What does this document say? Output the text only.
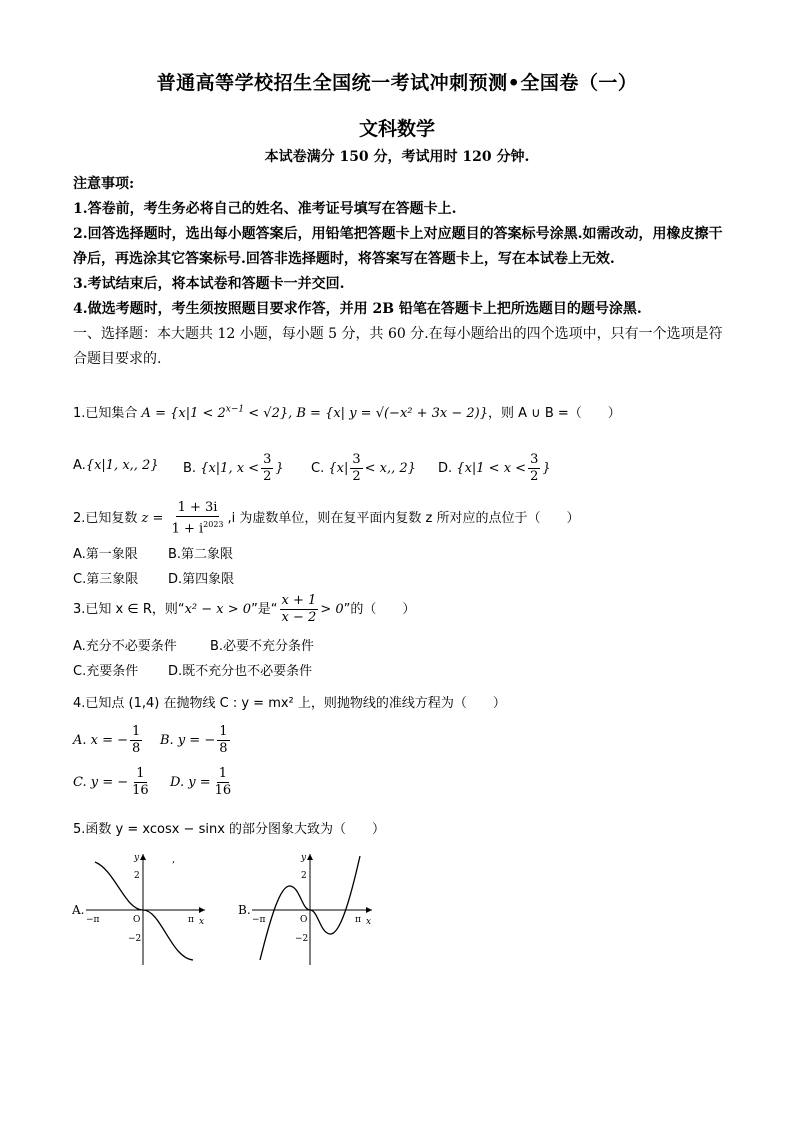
普通高等学校招生全国统一考试冲刺预测•全国卷（一）
文科数学
本试卷满分 150 分，考试用时 120 分钟.

注意事项:

1.答卷前，考生务必将自己的姓名、准考证号填写在答题卡上.

2.回答选择题时，选出每小题答案后，用铅笔把答题卡上对应题目的答案标号涂黑.如需改动，用橡皮擦干净后，再选涂其它答案标号.回答非选择题时，将答案写在答题卡上，写在本试卷上无效.

3.考试结束后，将本试卷和答题卡一并交回.

4.做选考题时，考生须按照题目要求作答，并用 2B 铅笔在答题卡上把所选题目的题号涂黑.

一、选择题：本大题共 12 小题，每小题 5 分，共 60 分.在每小题给出的四个选项中，只有一个选项是符合题目要求的.

1.已知集合 $A = \{x|1 < 2^{x-1} < √2\}$, B = {x| y = √(−x² + 3x − 2)}，则 A ∪ B =（　　）
A.{x|1, x,, 2} B. {x|1, $x < \frac{3}{2}$ } C. {$x| \frac{3}{2} < x$,, 2} D. {$x|1 < x < \frac{3}{2}$ }
2.已知复数 $z = \frac{1 + 3i}{1 + i^{2023}} ,i$ 为虚数单位，则在复平面内复数 z 所对应的点位于（　　）
A.第一象限 B.第二象限
C.第三象限 D.第四象限
3.已知 x ∈ R，则“x² − x > 0”是“ $\frac{x + 1}{x - 2} > 0$”的（　　）
A.充分不必要条件	B.必要不充分条件
C.充要条件 D.既不充分也不必要条件
4.已知点 (1,4) 在抛物线 C : y = mx² 上，则抛物线的准线方程为（　　）
A. x = − $\frac{1}{8} B$. y = − $\frac{1}{8}$
C. y = − $\frac{1}{16} D$. $y = \frac{1}{16}$
5.函数 y = xcosx − sinx 的部分图象大致为（　　）
A.
y
x
2
−2
O
−π	π
,
B.
y
x
2
−2
O
−π	π
